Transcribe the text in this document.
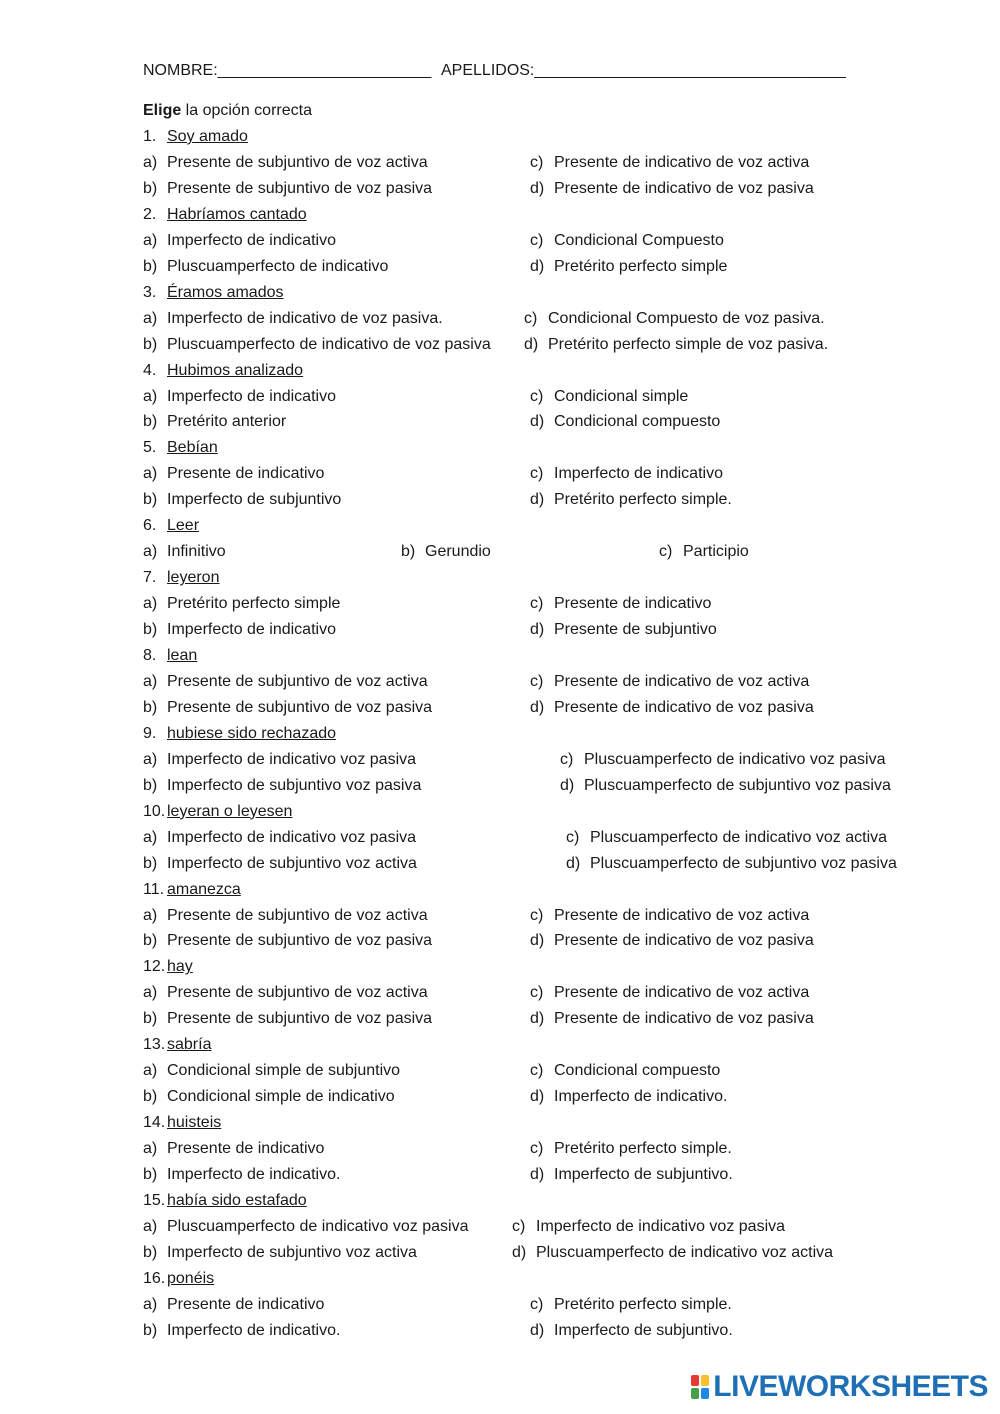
NOMBRE:________________________ APELLIDOS:___________________________________
Elige la opción correcta
1. Soy amado
a) Presente de subjuntivo de voz activa	c) Presente de indicativo de voz activa
b) Presente de subjuntivo de voz pasiva	d) Presente de indicativo de voz pasiva
2. Habríamos cantado
a) Imperfecto de indicativo	c) Condicional Compuesto
b) Pluscuamperfecto de indicativo	d) Pretérito perfecto simple
3. Éramos amados
a) Imperfecto de indicativo de voz pasiva.	c) Condicional Compuesto de voz pasiva.
b) Pluscuamperfecto de indicativo de voz pasiva d) Pretérito perfecto simple de voz pasiva.
4. Hubimos analizado
a) Imperfecto de indicativo	c) Condicional simple
b) Pretérito anterior	d) Condicional compuesto
5. Bebían
a) Presente de indicativo	c) Imperfecto de indicativo
b) Imperfecto de subjuntivo	d) Pretérito perfecto simple.
6. Leer
a) Infinitivo	b) Gerundio	c) Participio
7. leyeron
a) Pretérito perfecto simple	c) Presente de indicativo
b) Imperfecto de indicativo	d) Presente de subjuntivo
8. lean
a) Presente de subjuntivo de voz activa	c) Presente de indicativo de voz activa
b) Presente de subjuntivo de voz pasiva	d) Presente de indicativo de voz pasiva
9. hubiese sido rechazado
a) Imperfecto de indicativo voz pasiva	c) Pluscuamperfecto de indicativo voz pasiva
b) Imperfecto de subjuntivo voz pasiva	d) Pluscuamperfecto de subjuntivo voz pasiva
10. leyeran o leyesen
a) Imperfecto de indicativo voz pasiva	c) Pluscuamperfecto de indicativo voz activa
b) Imperfecto de subjuntivo voz activa	d) Pluscuamperfecto de subjuntivo voz pasiva
11. amanezca
a) Presente de subjuntivo de voz activa	c) Presente de indicativo de voz activa
b) Presente de subjuntivo de voz pasiva	d) Presente de indicativo de voz pasiva
12. hay
a) Presente de subjuntivo de voz activa	c) Presente de indicativo de voz activa
b) Presente de subjuntivo de voz pasiva	d) Presente de indicativo de voz pasiva
13. sabría
a) Condicional simple de subjuntivo	c) Condicional compuesto
b) Condicional simple de indicativo	d) Imperfecto de indicativo.
14. huisteis
a) Presente de indicativo	c) Pretérito perfecto simple.
b) Imperfecto de indicativo.	d) Imperfecto de subjuntivo.
15. había sido estafado
a) Pluscuamperfecto de indicativo voz pasiva	c) Imperfecto de indicativo voz pasiva
b) Imperfecto de subjuntivo voz activa	d) Pluscuamperfecto de indicativo voz activa
16. ponéis
a) Presente de indicativo	c) Pretérito perfecto simple.
b) Imperfecto de indicativo.	d) Imperfecto de subjuntivo.
LIVEWORKSHEETS
